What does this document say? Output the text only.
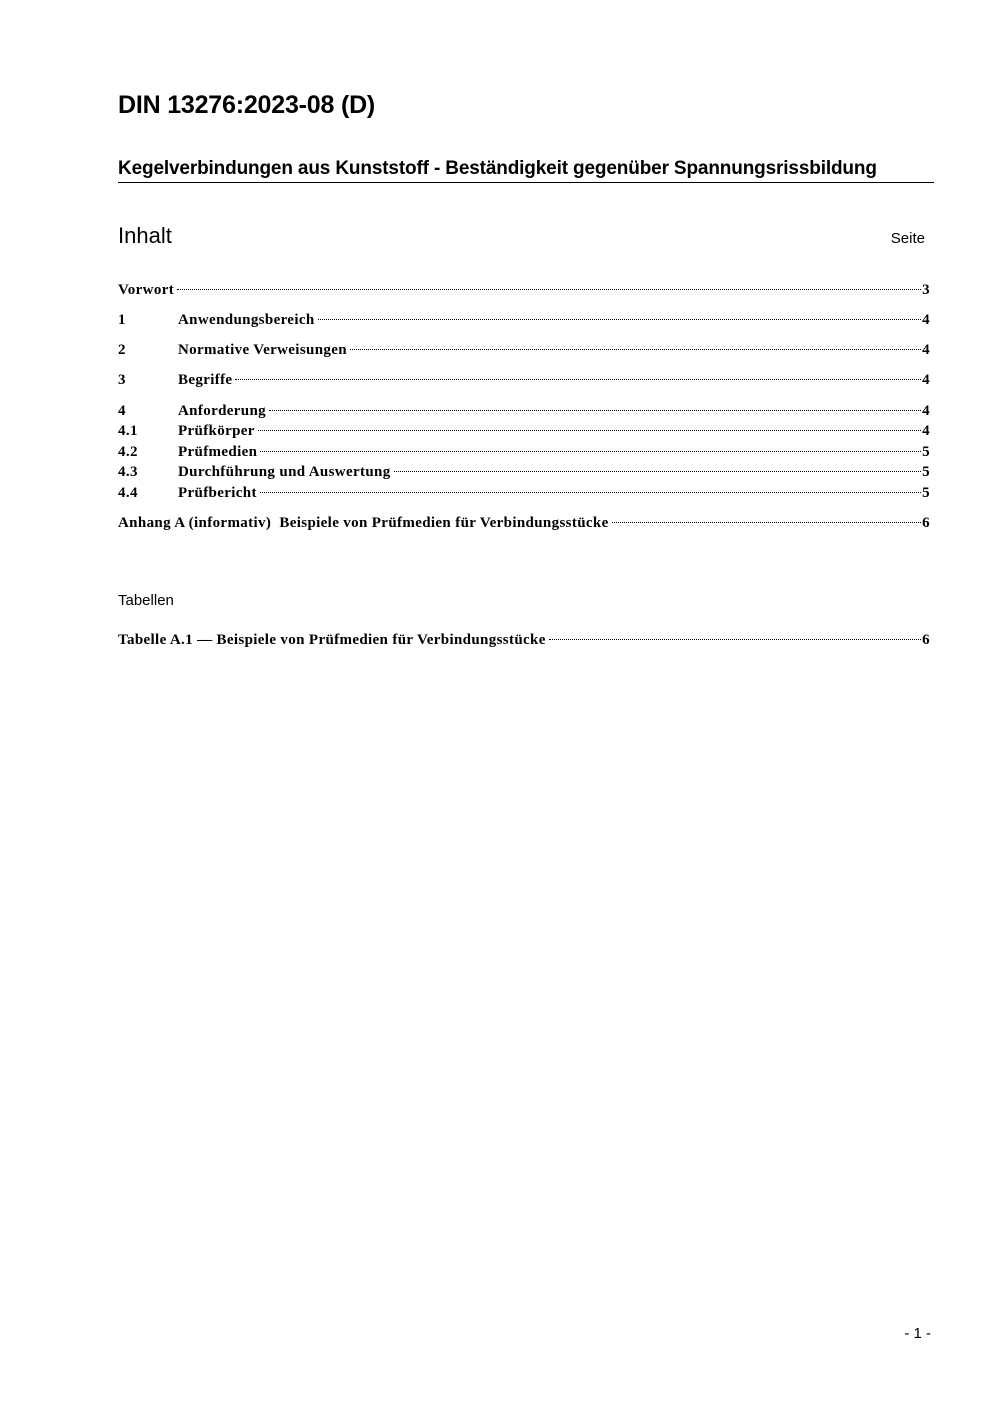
DIN 13276:2023-08 (D)
Kegelverbindungen aus Kunststoff - Beständigkeit gegenüber Spannungsrissbildung
Inhalt	Seite
Vorwort	3
1	Anwendungsbereich	4
2	Normative Verweisungen	4
3	Begriffe	4
4	Anforderung	4
4.1	Prüfkörper	4
4.2	Prüfmedien	5
4.3	Durchführung und Auswertung	5
4.4	Prüfbericht	5
Anhang A (informativ)  Beispiele von Prüfmedien für Verbindungsstücke	6
Tabellen
Tabelle A.1 — Beispiele von Prüfmedien für Verbindungsstücke	6
- 1 -
